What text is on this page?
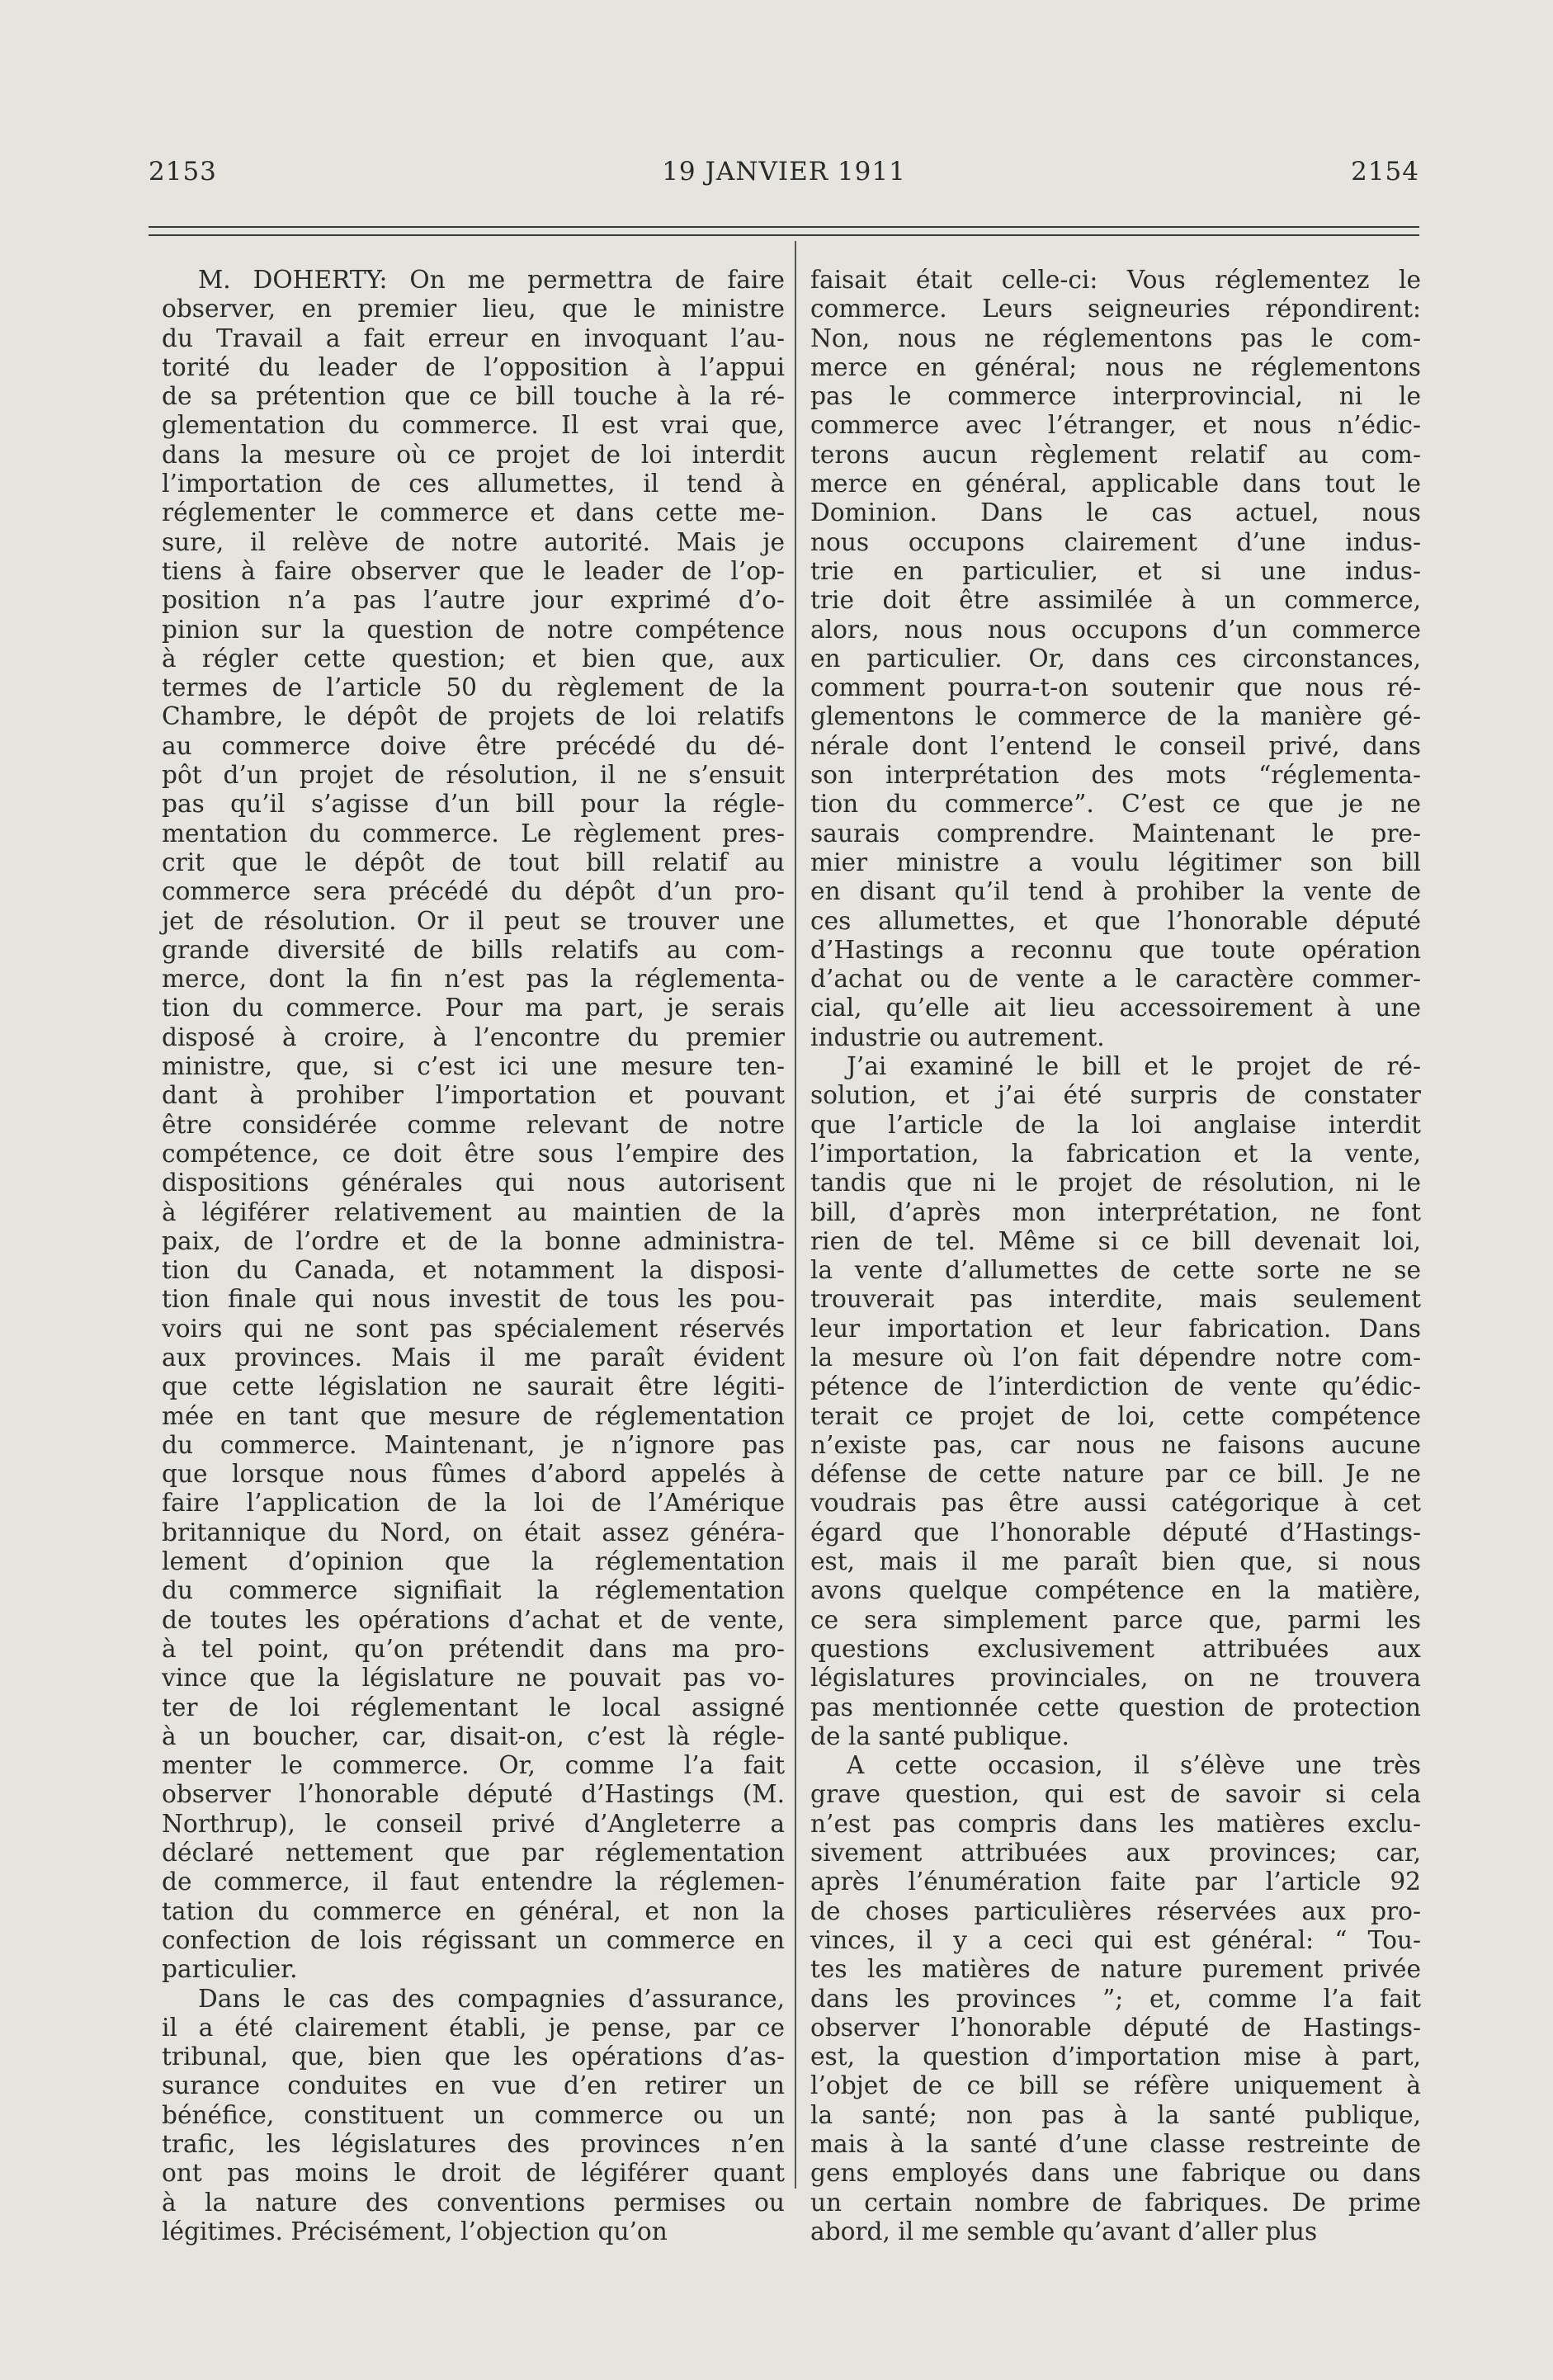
2153	19 JANVIER 1911	2154
M. DOHERTY: On me permettra de faire
observer, en premier lieu, que le ministre
du Travail a fait erreur en invoquant l’au-
torité du leader de l’opposition à l’appui
de sa prétention que ce bill touche à la ré-
glementation du commerce. Il est vrai que,
dans la mesure où ce projet de loi interdit
l’importation de ces allumettes, il tend à
réglementer le commerce et dans cette me-
sure, il relève de notre autorité. Mais je
tiens à faire observer que le leader de l’op-
position n’a pas l’autre jour exprimé d’o-
pinion sur la question de notre compétence
à régler cette question; et bien que, aux
termes de l’article 50 du règlement de la
Chambre, le dépôt de projets de loi relatifs
au commerce doive être précédé du dé-
pôt d’un projet de résolution, il ne s’ensuit
pas qu’il s’agisse d’un bill pour la régle-
mentation du commerce. Le règlement pres-
crit que le dépôt de tout bill relatif au
commerce sera précédé du dépôt d’un pro-
jet de résolution. Or il peut se trouver une
grande diversité de bills relatifs au com-
merce, dont la fin n’est pas la réglementa-
tion du commerce. Pour ma part, je serais
disposé à croire, à l’encontre du premier
ministre, que, si c’est ici une mesure ten-
dant à prohiber l’importation et pouvant
être considérée comme relevant de notre
compétence, ce doit être sous l’empire des
dispositions générales qui nous autorisent
à légiférer relativement au maintien de la
paix, de l’ordre et de la bonne administra-
tion du Canada, et notamment la disposi-
tion finale qui nous investit de tous les pou-
voirs qui ne sont pas spécialement réservés
aux provinces. Mais il me paraît évident
que cette législation ne saurait être légiti-
mée en tant que mesure de réglementation
du commerce. Maintenant, je n’ignore pas
que lorsque nous fûmes d’abord appelés à
faire l’application de la loi de l’Amérique
britannique du Nord, on était assez généra-
lement d’opinion que la réglementation
du commerce signifiait la réglementation
de toutes les opérations d’achat et de vente,
à tel point, qu’on prétendit dans ma pro-
vince que la législature ne pouvait pas vo-
ter de loi réglementant le local assigné
à un boucher, car, disait-on, c’est là régle-
menter le commerce. Or, comme l’a fait
observer l’honorable député d’Hastings (M.
Northrup), le conseil privé d’Angleterre a
déclaré nettement que par réglementation
de commerce, il faut entendre la réglemen-
tation du commerce en général, et non la
confection de lois régissant un commerce en
particulier.
Dans le cas des compagnies d’assurance,
il a été clairement établi, je pense, par ce
tribunal, que, bien que les opérations d’as-
surance conduites en vue d’en retirer un
bénéfice, constituent un commerce ou un
trafic, les législatures des provinces n’en
ont pas moins le droit de légiférer quant
à la nature des conventions permises ou
légitimes. Précisément, l’objection qu’on
faisait était celle-ci: Vous réglementez le
commerce. Leurs seigneuries répondirent:
Non, nous ne réglementons pas le com-
merce en général; nous ne réglementons
pas le commerce interprovincial, ni le
commerce avec l’étranger, et nous n’édic-
terons aucun règlement relatif au com-
merce en général, applicable dans tout le
Dominion. Dans le cas actuel, nous
nous occupons clairement d’une indus-
trie en particulier, et si une indus-
trie doit être assimilée à un commerce,
alors, nous nous occupons d’un commerce
en particulier. Or, dans ces circonstances,
comment pourra-t-on soutenir que nous ré-
glementons le commerce de la manière gé-
nérale dont l’entend le conseil privé, dans
son interprétation des mots “réglementa-
tion du commerce”. C’est ce que je ne
saurais comprendre. Maintenant le pre-
mier ministre a voulu légitimer son bill
en disant qu’il tend à prohiber la vente de
ces allumettes, et que l’honorable député
d’Hastings a reconnu que toute opération
d’achat ou de vente a le caractère commer-
cial, qu’elle ait lieu accessoirement à une
industrie ou autrement.
J’ai examiné le bill et le projet de ré-
solution, et j’ai été surpris de constater
que l’article de la loi anglaise interdit
l’importation, la fabrication et la vente,
tandis que ni le projet de résolution, ni le
bill, d’après mon interprétation, ne font
rien de tel. Même si ce bill devenait loi,
la vente d’allumettes de cette sorte ne se
trouverait pas interdite, mais seulement
leur importation et leur fabrication. Dans
la mesure où l’on fait dépendre notre com-
pétence de l’interdiction de vente qu’édic-
terait ce projet de loi, cette compétence
n’existe pas, car nous ne faisons aucune
défense de cette nature par ce bill. Je ne
voudrais pas être aussi catégorique à cet
égard que l’honorable député d’Hastings-
est, mais il me paraît bien que, si nous
avons quelque compétence en la matière,
ce sera simplement parce que, parmi les
questions exclusivement attribuées aux
législatures provinciales, on ne trouvera
pas mentionnée cette question de protection
de la santé publique.
A cette occasion, il s’élève une très
grave question, qui est de savoir si cela
n’est pas compris dans les matières exclu-
sivement attribuées aux provinces; car,
après l’énumération faite par l’article 92
de choses particulières réservées aux pro-
vinces, il y a ceci qui est général: “ Tou-
tes les matières de nature purement privée
dans les provinces ”; et, comme l’a fait
observer l’honorable député de Hastings-
est, la question d’importation mise à part,
l’objet de ce bill se réfère uniquement à
la santé; non pas à la santé publique,
mais à la santé d’une classe restreinte de
gens employés dans une fabrique ou dans
un certain nombre de fabriques. De prime
abord, il me semble qu’avant d’aller plus
